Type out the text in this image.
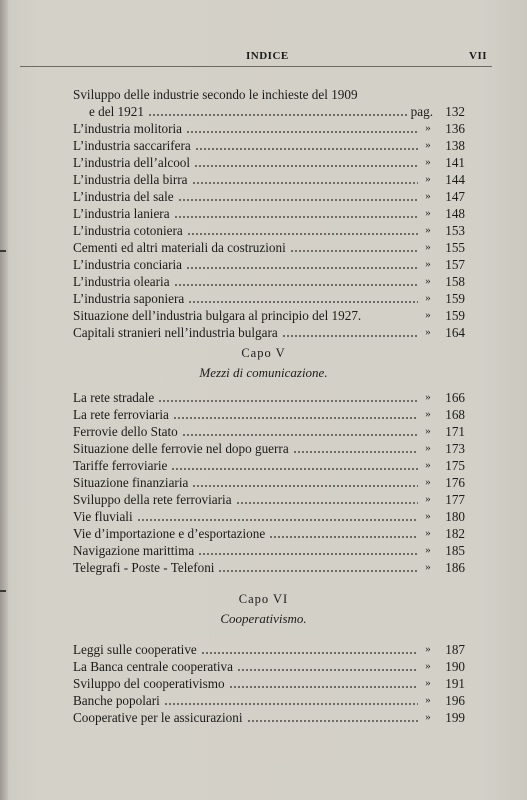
INDICE	VII
Sviluppo delle industrie secondo le inchieste del 1909
e del 1921	pag. 132
L’industria molitoria	»	136
L’industria saccarifera	»	138
L’industria dell’alcool	»	141
L’industria della birra	»	144
L’industria del sale	»	147
L’industria laniera	»	148
L’industria cotoniera	»	153
Cementi ed altri materiali da costruzioni	»	155
L’industria conciaria	»	157
L’industria olearia	»	158
L’industria saponiera	»	159
Situazione dell’industria bulgara al principio del 1927.	»	159
Capitali stranieri nell’industria bulgara	»	164
Capo V
Mezzi di comunicazione.
La rete stradale	»	166
La rete ferroviaria	»	168
Ferrovie dello Stato	»	171
Situazione delle ferrovie nel dopo guerra	»	173
Tariffe ferroviarie	»	175
Situazione finanziaria	»	176
Sviluppo della rete ferroviaria	»	177
Vie fluviali	»	180
Vie d’importazione e d’esportazione	»	182
Navigazione marittima	»	185
Telegrafi - Poste - Telefoni	»	186
Capo VI
Cooperativismo.
Leggi sulle cooperative	»	187
La Banca centrale cooperativa	»	190
Sviluppo del cooperativismo	»	191
Banche popolari	»	196
Cooperative per le assicurazioni	»	199
